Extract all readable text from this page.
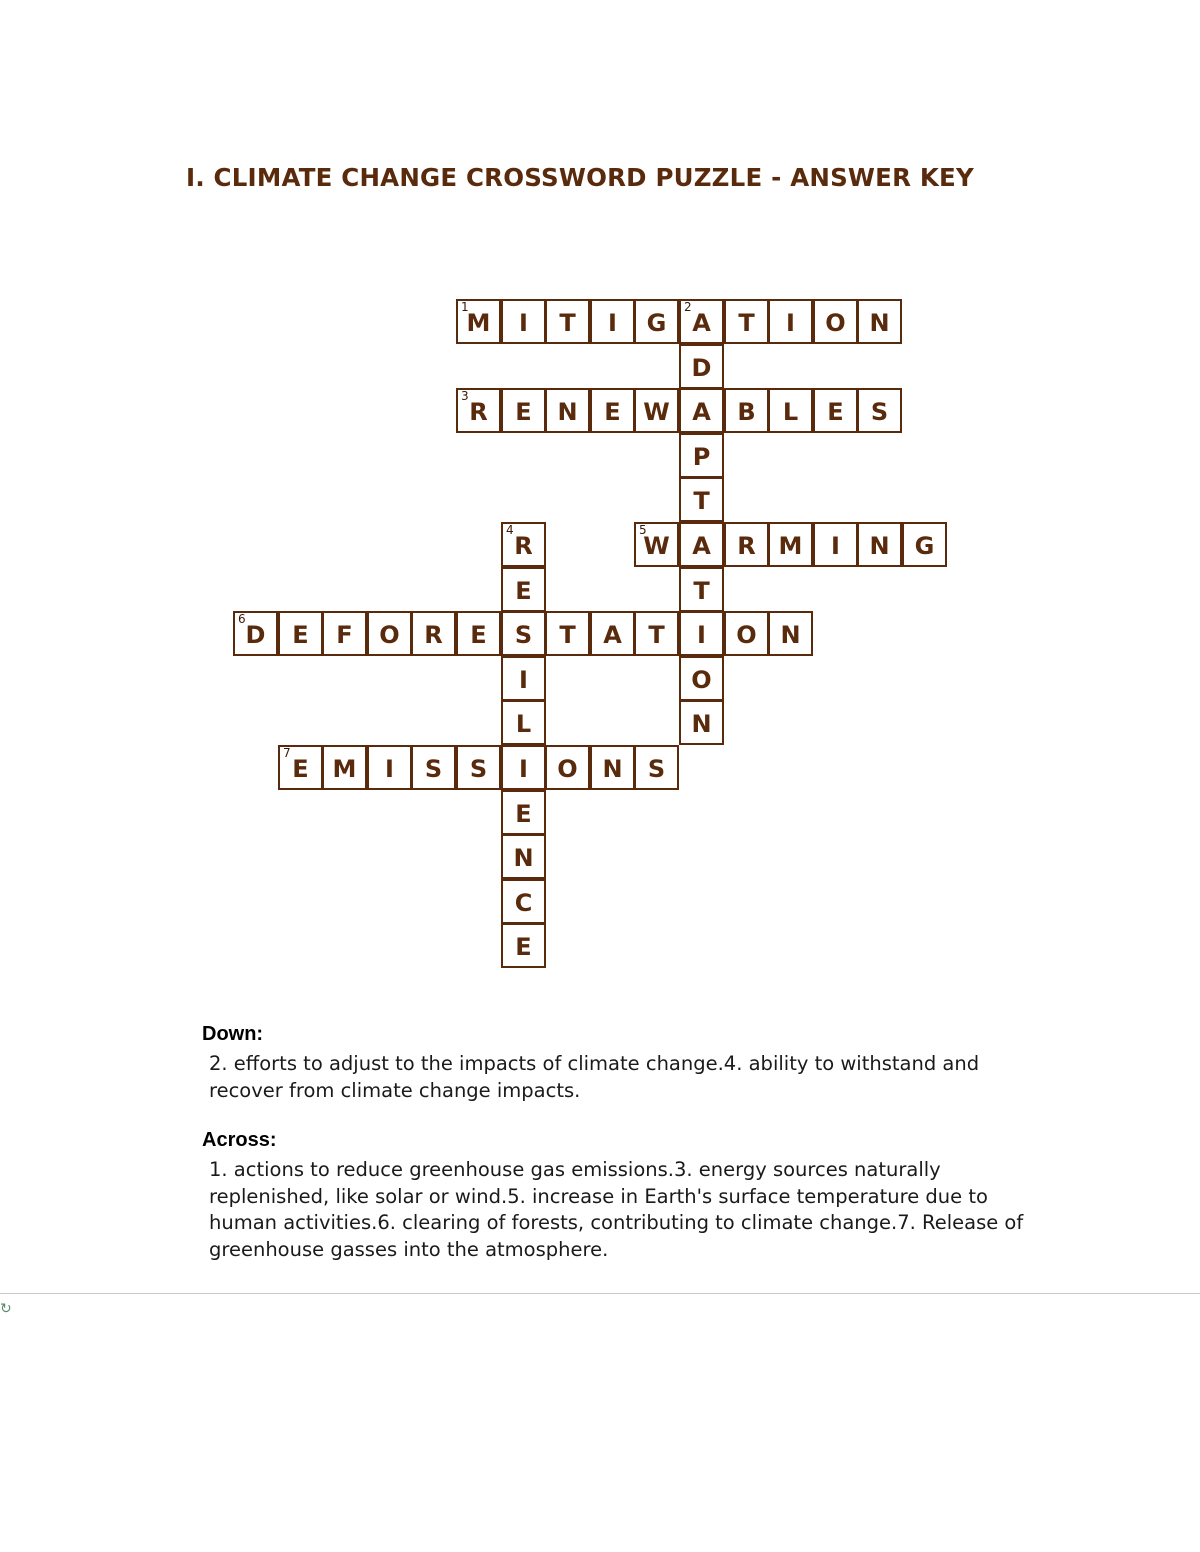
I. CLIMATE CHANGE CROSSWORD PUZZLE - ANSWER KEY
M
1
I T I G A
2
T I O N
R
3
E N E W A B L E S
W
5
A R M I N G
D
6
E F O R E S T A T I O N
E
7
M I S S I O N S
D
P
T
T
O
N
R
4
E
I
L
E
N
C
E
Down:
2. efforts to adjust to the impacts of climate change.4. ability to withstand and recover from climate change impacts.
Across:
1. actions to reduce greenhouse gas emissions.3. energy sources naturally replenished, like solar or wind.5. increase in Earth's surface temperature due to human activities.6. clearing of forests, contributing to climate change.7. Release of greenhouse gasses into the atmosphere.
↻
